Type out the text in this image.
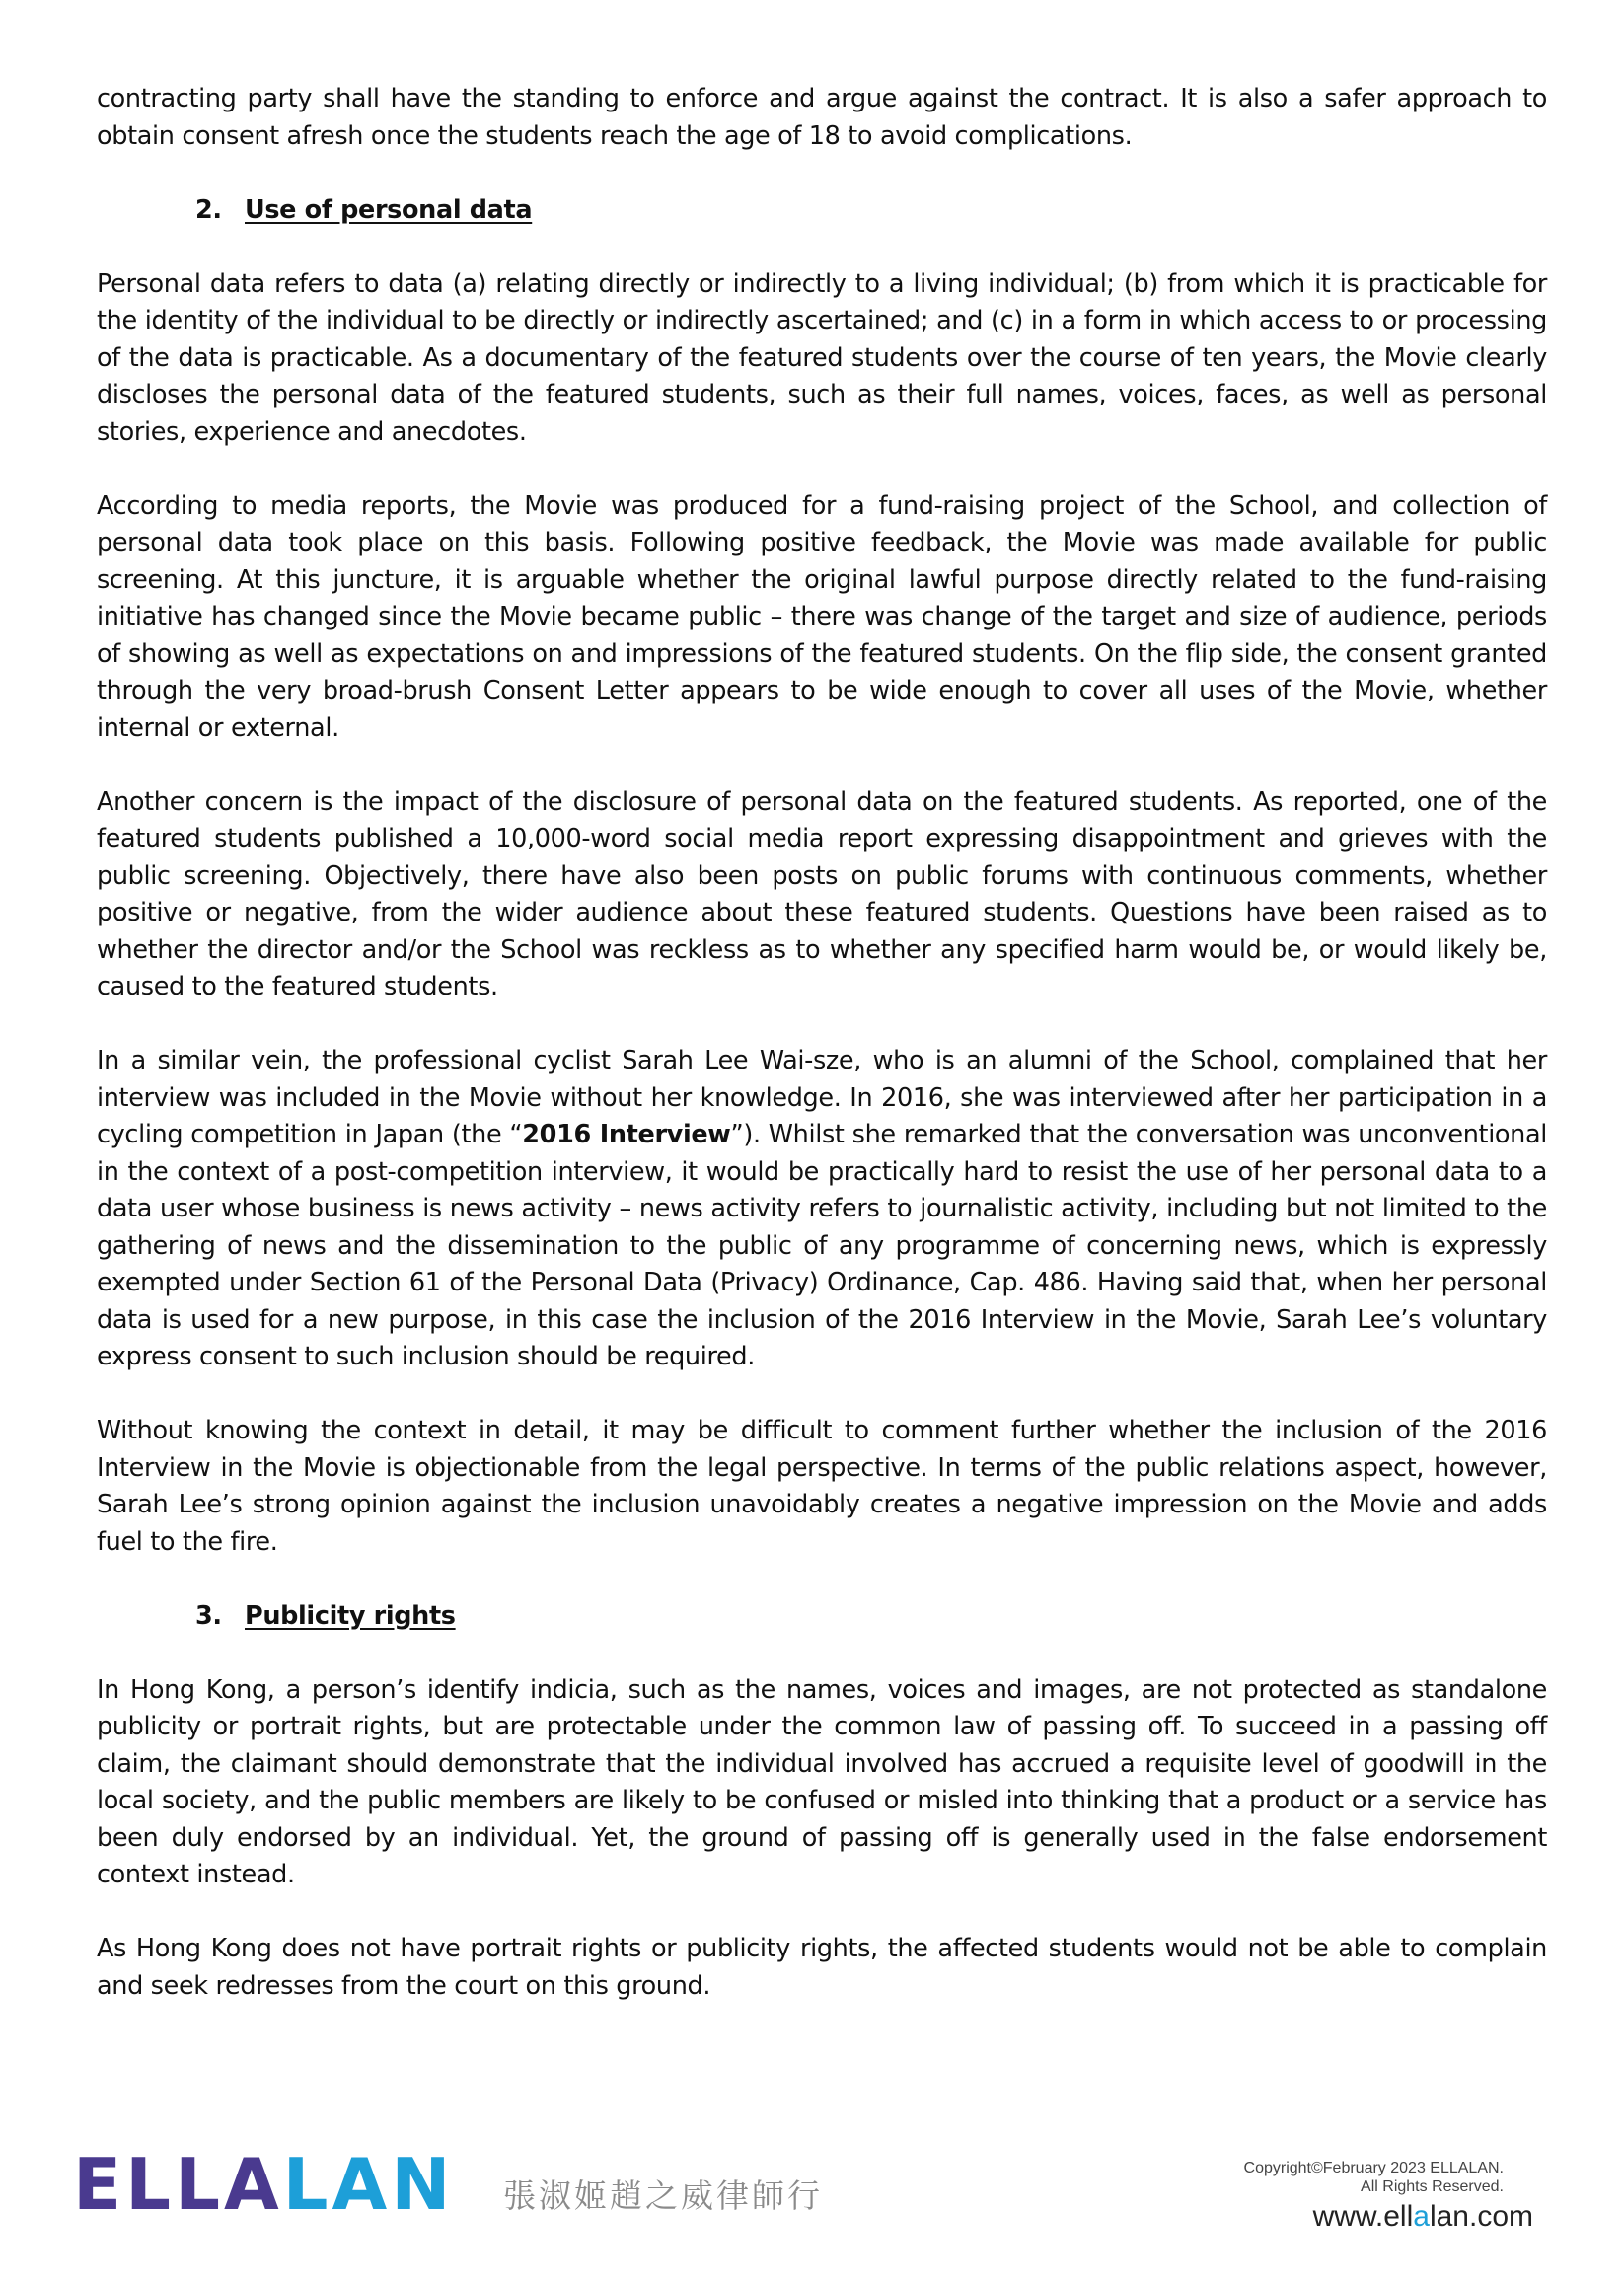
contracting party shall have the standing to enforce and argue against the contract. It is also a safer approach to obtain consent afresh once the students reach the age of 18 to avoid complications.

2. Use of personal data

Personal data refers to data (a) relating directly or indirectly to a living individual; (b) from which it is practicable for the identity of the individual to be directly or indirectly ascertained; and (c) in a form in which access to or processing of the data is practicable. As a documentary of the featured students over the course of ten years, the Movie clearly discloses the personal data of the featured students, such as their full names, voices, faces, as well as personal stories, experience and anecdotes.

According to media reports, the Movie was produced for a fund-raising project of the School, and collection of personal data took place on this basis. Following positive feedback, the Movie was made available for public screening. At this juncture, it is arguable whether the original lawful purpose directly related to the fund-raising initiative has changed since the Movie became public – there was change of the target and size of audience, periods of showing as well as expectations on and impressions of the featured students. On the flip side, the consent granted through the very broad-brush Consent Letter appears to be wide enough to cover all uses of the Movie, whether internal or external.

Another concern is the impact of the disclosure of personal data on the featured students. As reported, one of the featured students published a 10,000-word social media report expressing disappointment and grieves with the public screening. Objectively, there have also been posts on public forums with continuous comments, whether positive or negative, from the wider audience about these featured students. Questions have been raised as to whether the director and/or the School was reckless as to whether any specified harm would be, or would likely be, caused to the featured students.

In a similar vein, the professional cyclist Sarah Lee Wai-sze, who is an alumni of the School, complained that her interview was included in the Movie without her knowledge. In 2016, she was interviewed after her participation in a cycling competition in Japan (the “2016 Interview”). Whilst she remarked that the conversation was unconventional in the context of a post-competition interview, it would be practically hard to resist the use of her personal data to a data user whose business is news activity – news activity refers to journalistic activity, including but not limited to the gathering of news and the dissemination to the public of any programme of concerning news, which is expressly exempted under Section 61 of the Personal Data (Privacy) Ordinance, Cap. 486. Having said that, when her personal data is used for a new purpose, in this case the inclusion of the 2016 Interview in the Movie, Sarah Lee’s voluntary express consent to such inclusion should be required.

Without knowing the context in detail, it may be difficult to comment further whether the inclusion of the 2016 Interview in the Movie is objectionable from the legal perspective. In terms of the public relations aspect, however, Sarah Lee’s strong opinion against the inclusion unavoidably creates a negative impression on the Movie and adds fuel to the fire.

3. Publicity rights

In Hong Kong, a person’s identify indicia, such as the names, voices and images, are not protected as standalone publicity or portrait rights, but are protectable under the common law of passing off. To succeed in a passing off claim, the claimant should demonstrate that the individual involved has accrued a requisite level of goodwill in the local society, and the public members are likely to be confused or misled into thinking that a product or a service has been duly endorsed by an individual. Yet, the ground of passing off is generally used in the false endorsement context instead.

As Hong Kong does not have portrait rights or publicity rights, the affected students would not be able to complain and seek redresses from the court on this ground.

ELLA LAN 張淑姬趙之威律師行
Copyright©February 2023 ELLALAN.
All Rights Reserved.
www.ellalan.com
